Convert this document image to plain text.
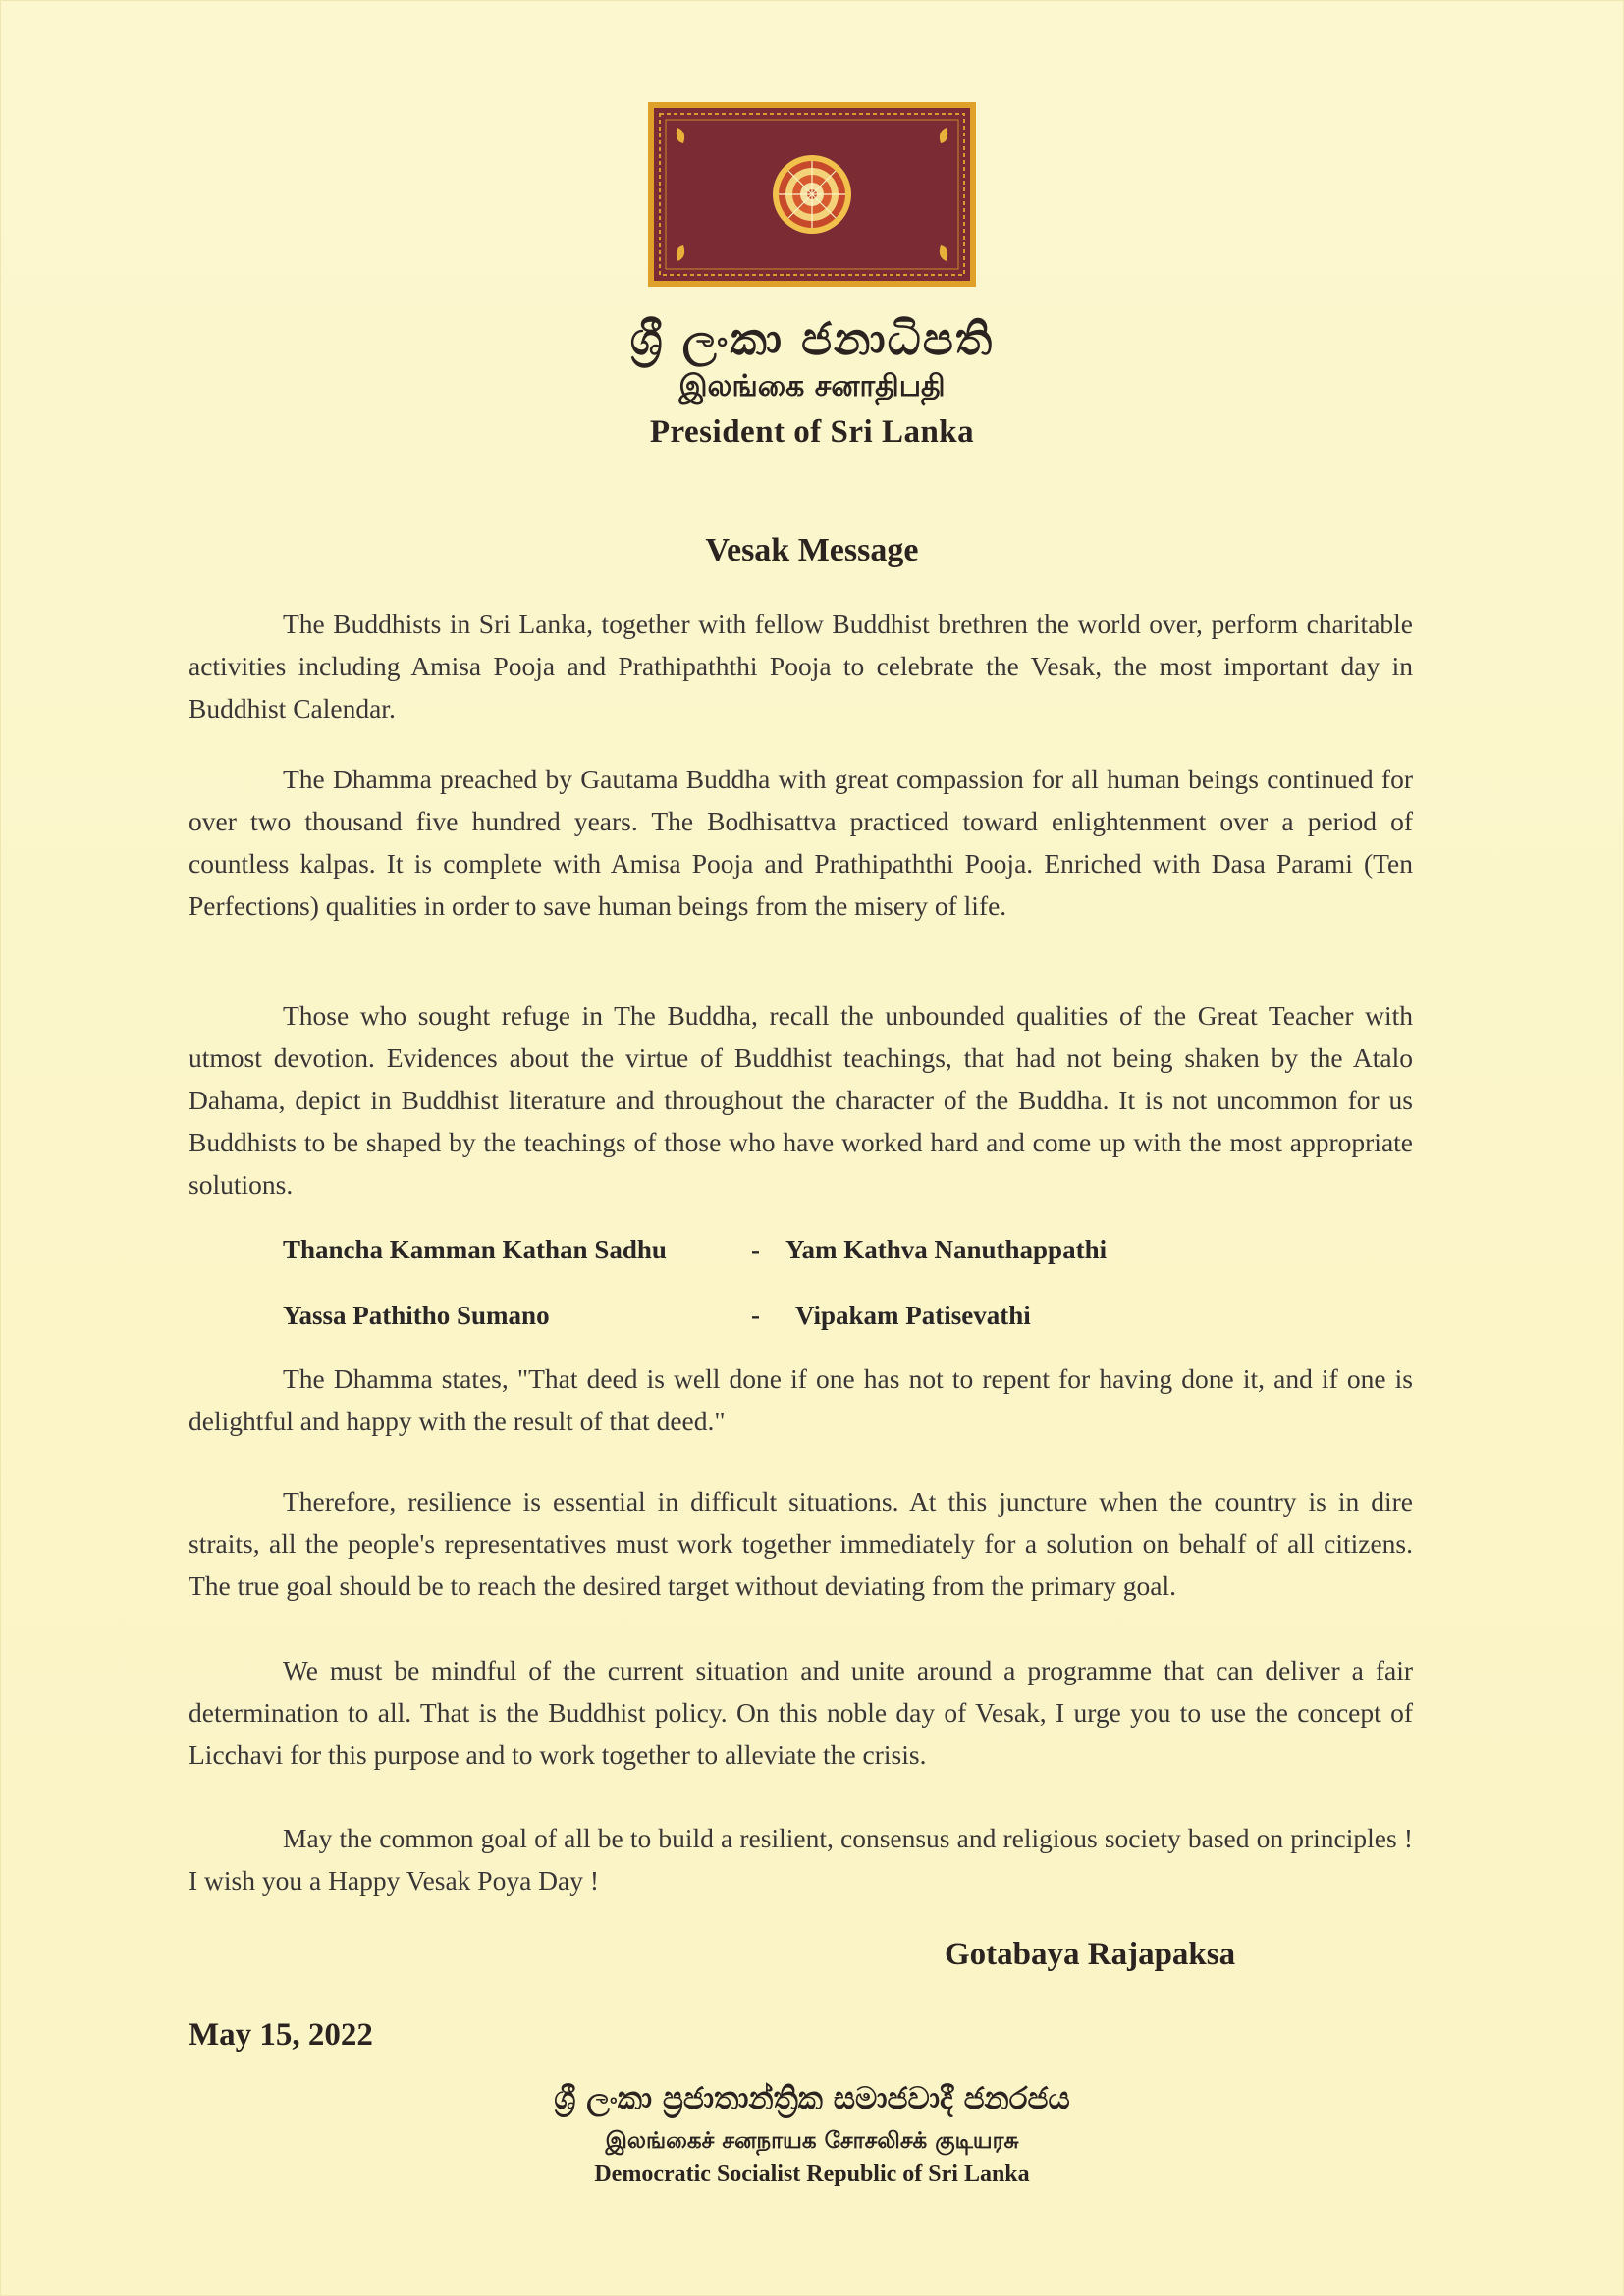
ශ්‍රී ලංකා ජනාධිපති
இலங்கை சனாதிபதி
President of Sri Lanka
Vesak Message

The Buddhists in Sri Lanka, together with fellow Buddhist brethren the world over, perform charitable activities including Amisa Pooja and Prathipaththi Pooja to celebrate the Vesak, the most important day in Buddhist Calendar.

The Dhamma preached by Gautama Buddha with great compassion for all human beings continued for over two thousand five hundred years. The Bodhisattva practiced toward enlightenment over a period of countless kalpas. It is complete with Amisa Pooja and Prathipaththi Pooja. Enriched with Dasa Parami (Ten Perfections) qualities in order to save human beings from the misery of life.

Those who sought refuge in The Buddha, recall the unbounded qualities of the Great Teacher with utmost devotion. Evidences about the virtue of Buddhist teachings, that had not being shaken by the Atalo Dahama, depict in Buddhist literature and throughout the character of the Buddha. It is not uncommon for us Buddhists to be shaped by the teachings of those who have worked hard and come up with the most appropriate solutions.

Thancha Kamman Kathan Sadhu	- Yam Kathva Nanuthappathi
Yassa Pathitho Sumano	- Vipakam Patisevathi

The Dhamma states, "That deed is well done if one has not to repent for having done it, and if one is delightful and happy with the result of that deed."

Therefore, resilience is essential in difficult situations. At this juncture when the country is in dire straits, all the people's representatives must work together immediately for a solution on behalf of all citizens. The true goal should be to reach the desired target without deviating from the primary goal.

We must be mindful of the current situation and unite around a programme that can deliver a fair determination to all. That is the Buddhist policy. On this noble day of Vesak, I urge you to use the concept of Licchavi for this purpose and to work together to alleviate the crisis.

May the common goal of all be to build a resilient, consensus and religious society based on principles ! I wish you a Happy Vesak Poya Day !

Gotabaya Rajapaksa
May 15, 2022
ශ්‍රී ලංකා ප්‍රජාතාන්ත්‍රික සමාජවාදී ජනරජය
இலங்கைச் சனநாயக சோசலிசக் குடியரசு
Democratic Socialist Republic of Sri Lanka
